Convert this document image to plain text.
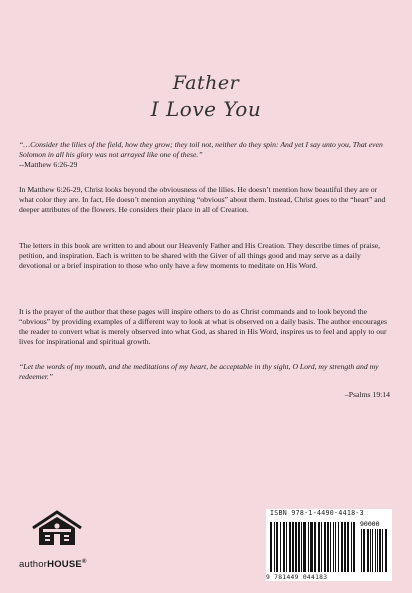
Father
I Love You
“…Consider the lilies of the field, how they grow; they toil not, neither do they spin: And yet I say unto you, That even Solomon in all his glory was not arrayed like one of these.”
--Matthew 6:26-29
In Matthew 6:26-29, Christ looks beyond the obviousness of the lilies. He doesn’t mention how beautiful they are or what color they are. In fact, He doesn’t mention anything “obvious” about them. Instead, Christ goes to the “heart” and deeper attributes of the flowers. He considers their place in all of Creation.
The letters in this book are written to and about our Heavenly Father and His Creation. They describe times of praise, petition, and inspiration. Each is written to be shared with the Giver of all things good and may serve as a daily devotional or a brief inspiration to those who only have a few moments to meditate on His Word.
It is the prayer of the author that these pages will inspire others to do as Christ commands and to look beyond the “obvious” by providing examples of a different way to look at what is observed on a daily basis. The author encourages the reader to convert what is merely observed into what God, as shared in His Word, inspires us to feel and apply to our lives for inspirational and spiritual growth.
“Let the words of my mouth, and the meditations of my heart, be acceptable in thy sight, O Lord, my strength and my redeemer.”
–Psalms 19:14
authorHOUSE®
ISBN 978-1-4490-4418-3
90000
9 781449 044183
